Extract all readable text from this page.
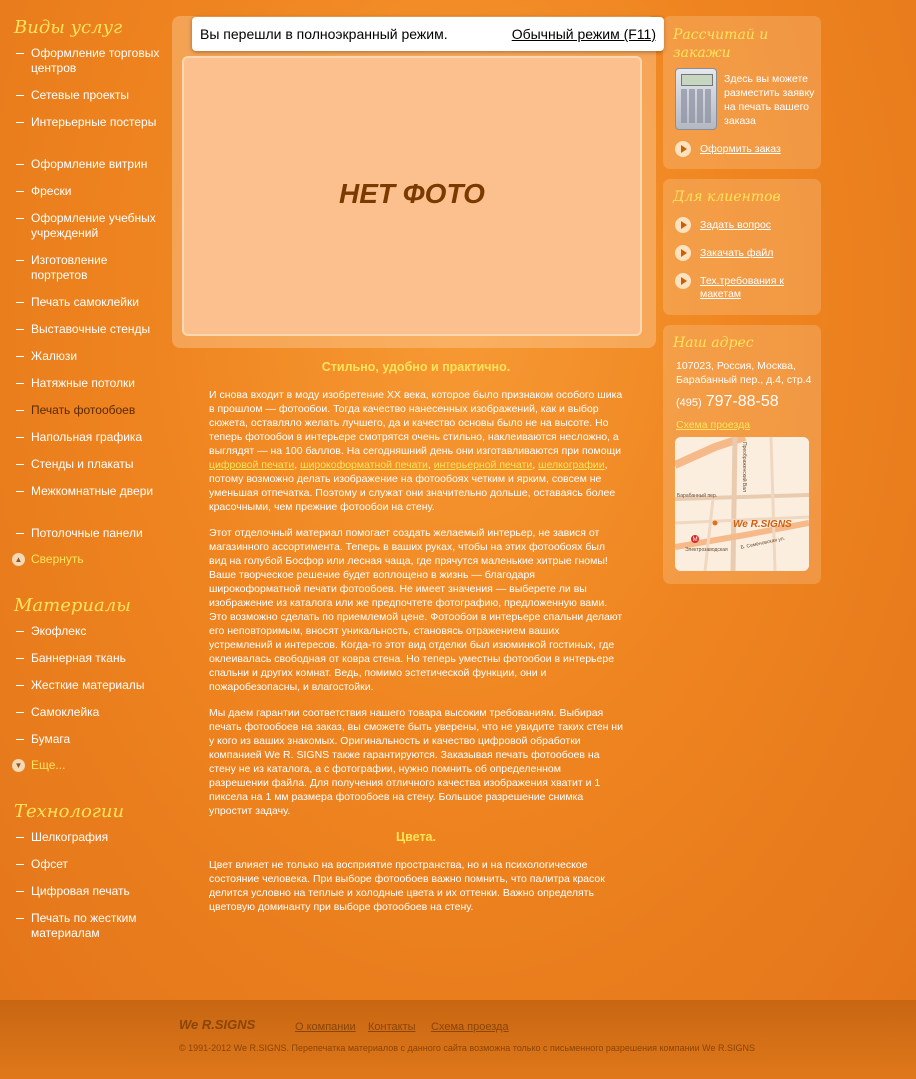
Виды услуг
Оформление торговых центров
Сетевые проекты
Интерьерные постеры
Оформление витрин
Фрески
Оформление учебных учреждений
Изготовление портретов
Печать самоклейки
Выставочные стенды
Жалюзи
Натяжные потолки
Печать фотообоев
Напольная графика
Стенды и плакаты
Межкомнатные двери
Потолочные панели
▲ Свернуть
Материалы
Экофлекс
Баннерная ткань
Жесткие материалы
Самоклейка
Бумага
▼ Еще...
Технологии
Шелкография
Офсет
Цифровая печать
Печать по жестким материалам
НЕТ ФОТО
Вы перешли в полноэкранный режим.	Обычный режим (F11)
Стильно, удобно и практично.

И снова входит в моду изобретение XX века, которое было признаком особого шика в прошлом — фотообои. Тогда качество нанесенных изображений, как и выбор сюжета, оставляло желать лучшего, да и качество основы было не на высоте. Но теперь фотообои в интерьере смотрятся очень стильно, наклеиваются несложно, а выглядят — на 100 баллов. На сегодняшний день они изготавливаются при помощи цифровой печати, широкоформатной печати, интерьерной печати, шелкографии, потому возможно делать изображение на фотообоях четким и ярким, совсем не уменьшая отпечатка. Поэтому и служат они значительно дольше, оставаясь более красочными, чем прежние фотообои на стену.

Этот отделочный материал помогает создать желаемый интерьер, не завися от магазинного ассортимента. Теперь в ваших руках, чтобы на этих фотообоях был вид на голубой Босфор или лесная чаща, где прячутся маленькие хитрые гномы! Ваше творческое решение будет воплощено в жизнь — благодаря широкоформатной печати фотообоев. Не имеет значения — выберете ли вы изображение из каталога или же предпочтете фотографию, предложенную вами. Это возможно сделать по приемлемой цене. Фотообои в интерьере спальни делают его неповторимым, вносят уникальность, становясь отражением ваших устремлений и интересов. Когда-то этот вид отделки был изюминкой гостиных, где оклеивалась свободная от ковра стена. Но теперь уместны фотообои в интерьере спальни и других комнат. Ведь, помимо эстетической функции, они и пожаробезопасны, и влагостойки.

Мы даем гарантии соответствия нашего товара высоким требованиям. Выбирая печать фотообоев на заказ, вы сможете быть уверены, что не увидите таких стен ни у кого из ваших знакомых. Оригинальность и качество цифровой обработки компанией We R. SIGNS также гарантируются. Заказывая печать фотообоев на стену не из каталога, а с фотографии, нужно помнить об определенном разрешении файла. Для получения отличного качества изображения хватит и 1 пиксела на 1 мм размера фотообоев на стену. Большое разрешение снимка упростит задачу.

Цвета.

Цвет влияет не только на восприятие пространства, но и на психологическое состояние человека. При выборе фотообоев важно помнить, что палитра красок делится условно на теплые и холодные цвета и их оттенки. Важно определять цветовую доминанту при выборе фотообоев на стену.

Рассчитай и закажи
Здесь вы можете разместить заявку на печать вашего заказа
Оформить заказ
Для клиентов
Задать вопрос
Закачать файл
Тех.требования к макетам
Наш адрес
107023, Россия, Москва, Барабанный пер., д.4, стр.4
(495) 797-88-58
Схема проезда
Барабанный пер.
Преображенский Вал
Б. Семёновская ул.
М
Электрозаводская
We R.SIGNS
We R.SIGNS	О компании Контакты Схема проезда
© 1991-2012 We R.SIGNS. Перепечатка материалов с данного сайта возможна только с письменного разрешения компании We R.SIGNS
